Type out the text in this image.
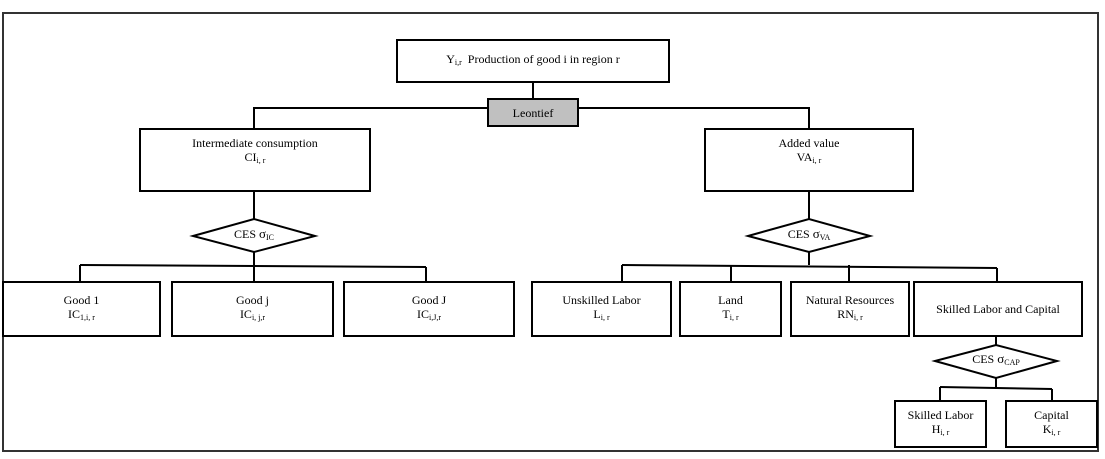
$Y_{i,r}$ Production of good i in region r
Leontief
Intermediate consumption
$CI_{i, r}$
Added value
$VA_{i, r}$
CES $\sigma_{IC}$	CES $\sigma_{VA}$
CES $\sigma_{CAP}$
Good 1
$IC_{1,i, r}$
Good j
$IC_{i, j,r}$
Good J
$IC_{i,J,r}$
Unskilled Labor
$L_{i, r}$
Land
$T_{i, r}$
Natural Resources
$RN_{i, r}$
Skilled Labor and Capital
Skilled Labor
$H_{i, r}$
Capital
$K_{i, r}$
